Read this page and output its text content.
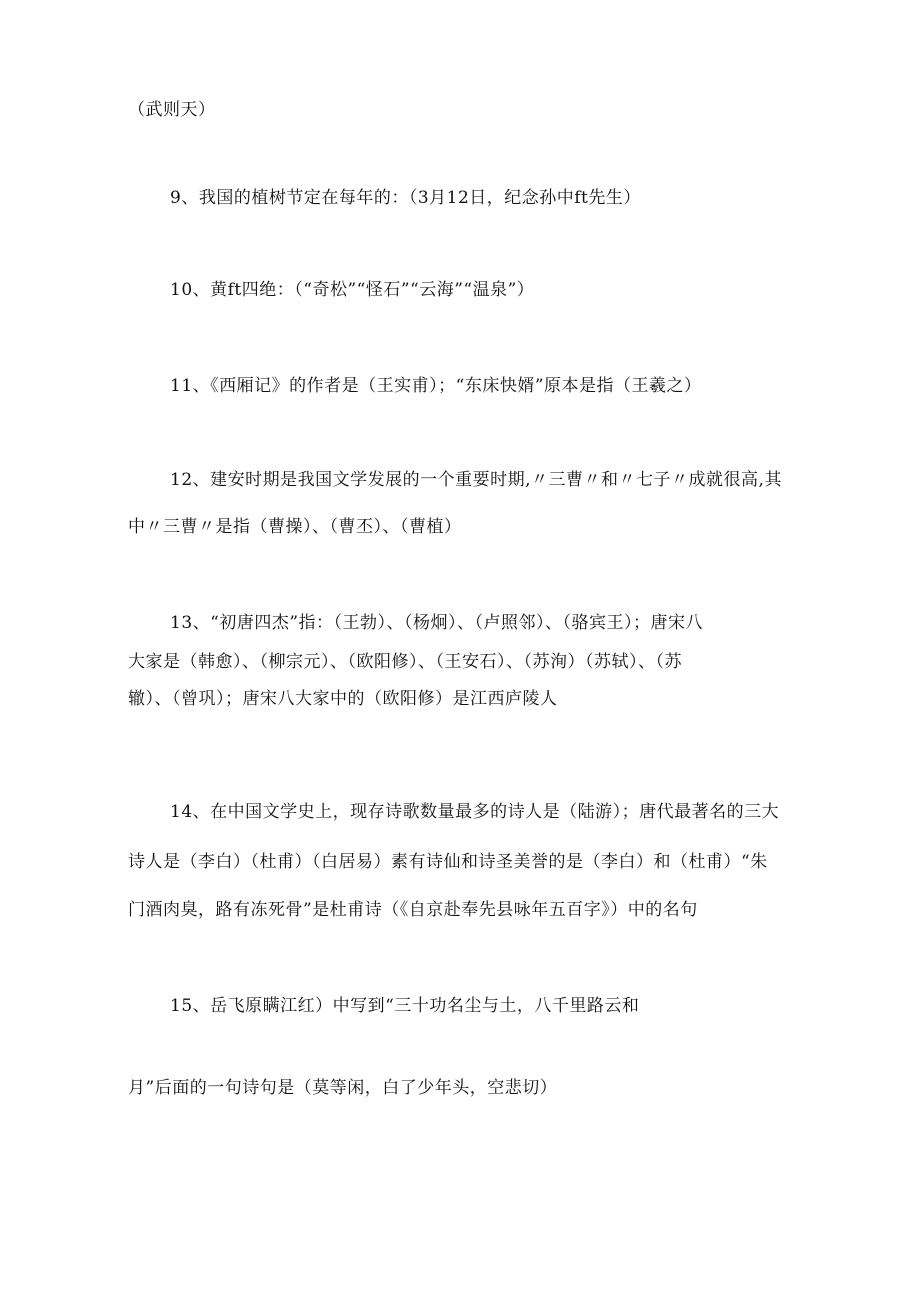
（武则天）
9、我国的植树节定在每年的：（3月12日，纪念孙中ft先生）
10、黄ft四绝：（“奇松”“怪石”“云海”“温泉”）
11、《西厢记》的作者是（王实甫）；“东床快婿”原本是指（王羲之）
12、建安时期是我国文学发展的一个重要时期,〃三曹〃和〃七子〃成就很高,其
中〃三曹〃是指（曹操）、（曹丕）、（曹植）
13、“初唐四杰”指：（王勃）、（杨炯）、（卢照邻）、（骆宾王）；唐宋八
大家是（韩愈）、（柳宗元）、（欧阳修）、（王安石）、（苏洵）（苏轼）、（苏
辙）、（曾巩）；唐宋八大家中的（欧阳修）是江西庐陵人
14、在中国文学史上，现存诗歌数量最多的诗人是（陆游）；唐代最著名的三大
诗人是（李白）（杜甫）（白居易）素有诗仙和诗圣美誉的是（李白）和（杜甫）“朱
门酒肉臭，路有冻死骨”是杜甫诗（《自京赴奉先县咏年五百字》）中的名句
15、岳飞原瞒江红）中写到“三十功名尘与土，八千里路云和
月”后面的一句诗句是（莫等闲，白了少年头，空悲切）
